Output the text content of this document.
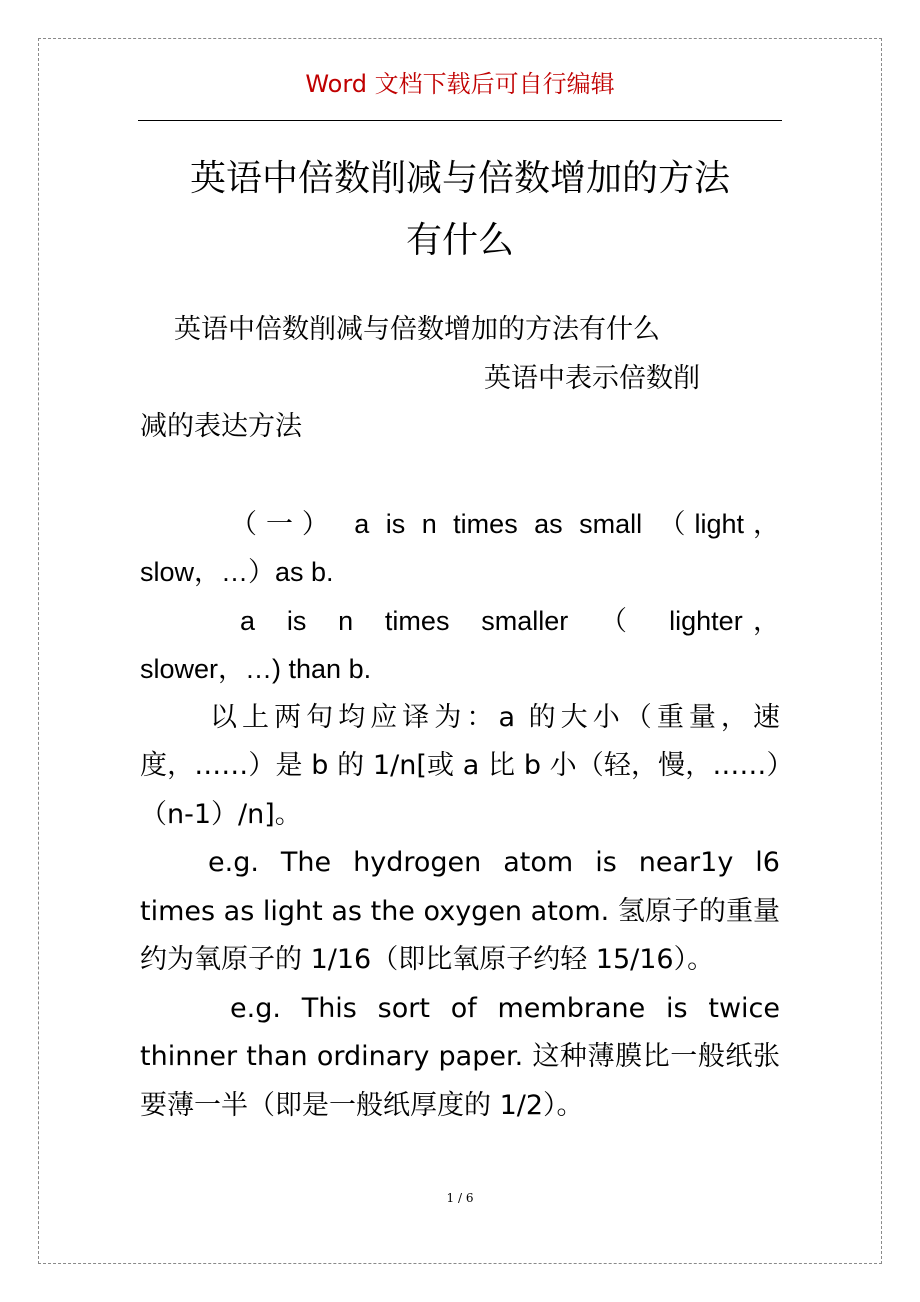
Word 文档下载后可自行编辑
英语中倍数削减与倍数增加的方法
有什么

英语中倍数削减与倍数增加的方法有什么

英语中表示倍数削
减的表达方法

（一） a is n times as small （light，
slow，…）as b.

a is n times smaller （ lighter，
slower，…) than b.

以上两句均应译为：a 的大小（重量，速度，……）是 b 的 1/n[或 a 比 b 小（轻，慢，……）（n-1）/n]。

e.g. The hydrogen atom is near1y l6 times as light as the oxygen atom. 氢原子的重量约为氧原子的 1/16（即比氧原子约轻 15/16）。

e.g. This sort of membrane is twice thinner than ordinary paper. 这种薄膜比一般纸张要薄一半（即是一般纸厚度的 1/2）。

1 / 6
